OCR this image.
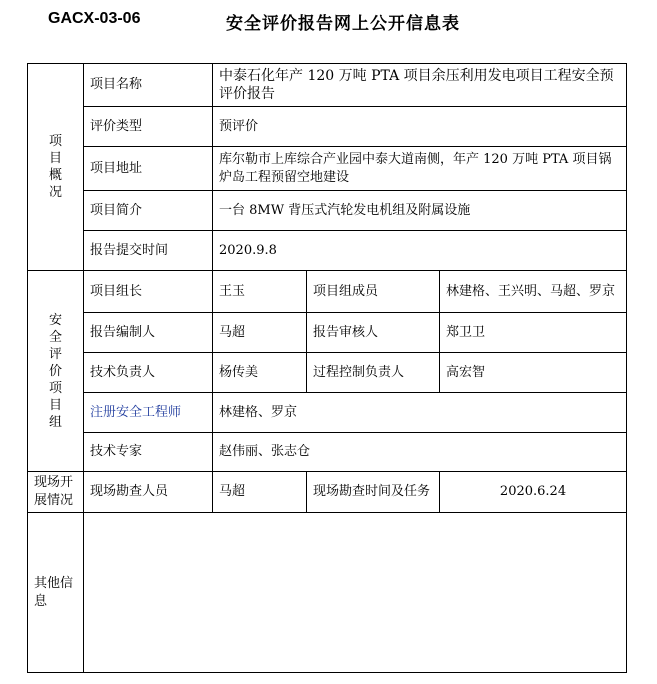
GACX-03-06	安全评价报告网上公开信息表
项目概况	项目名称	中泰石化年产 120 万吨 PTA 项目余压利用发电项目工程安全预评价报告		
	评价类型	预评价		
	项目地址	库尔勒市上库综合产业园中泰大道南侧，年产 120 万吨 PTA 项目锅炉岛工程预留空地建设		
	项目简介	一台 8MW 背压式汽轮发电机组及附属设施		
	报告提交时间	2020.9.8		

安全评价项目组	项目组长	王玉	项目组成员	林建格、王兴明、马超、罗京
	报告编制人	马超	报告审核人	郑卫卫
	技术负责人	杨传美	过程控制负责人	高宏智
	注册安全工程师	林建格、罗京		
	技术专家	赵伟丽、张志仓		
现场开展情况	现场勘查人员	马超	现场勘查时间及任务	2020.6.24
其他信息				
